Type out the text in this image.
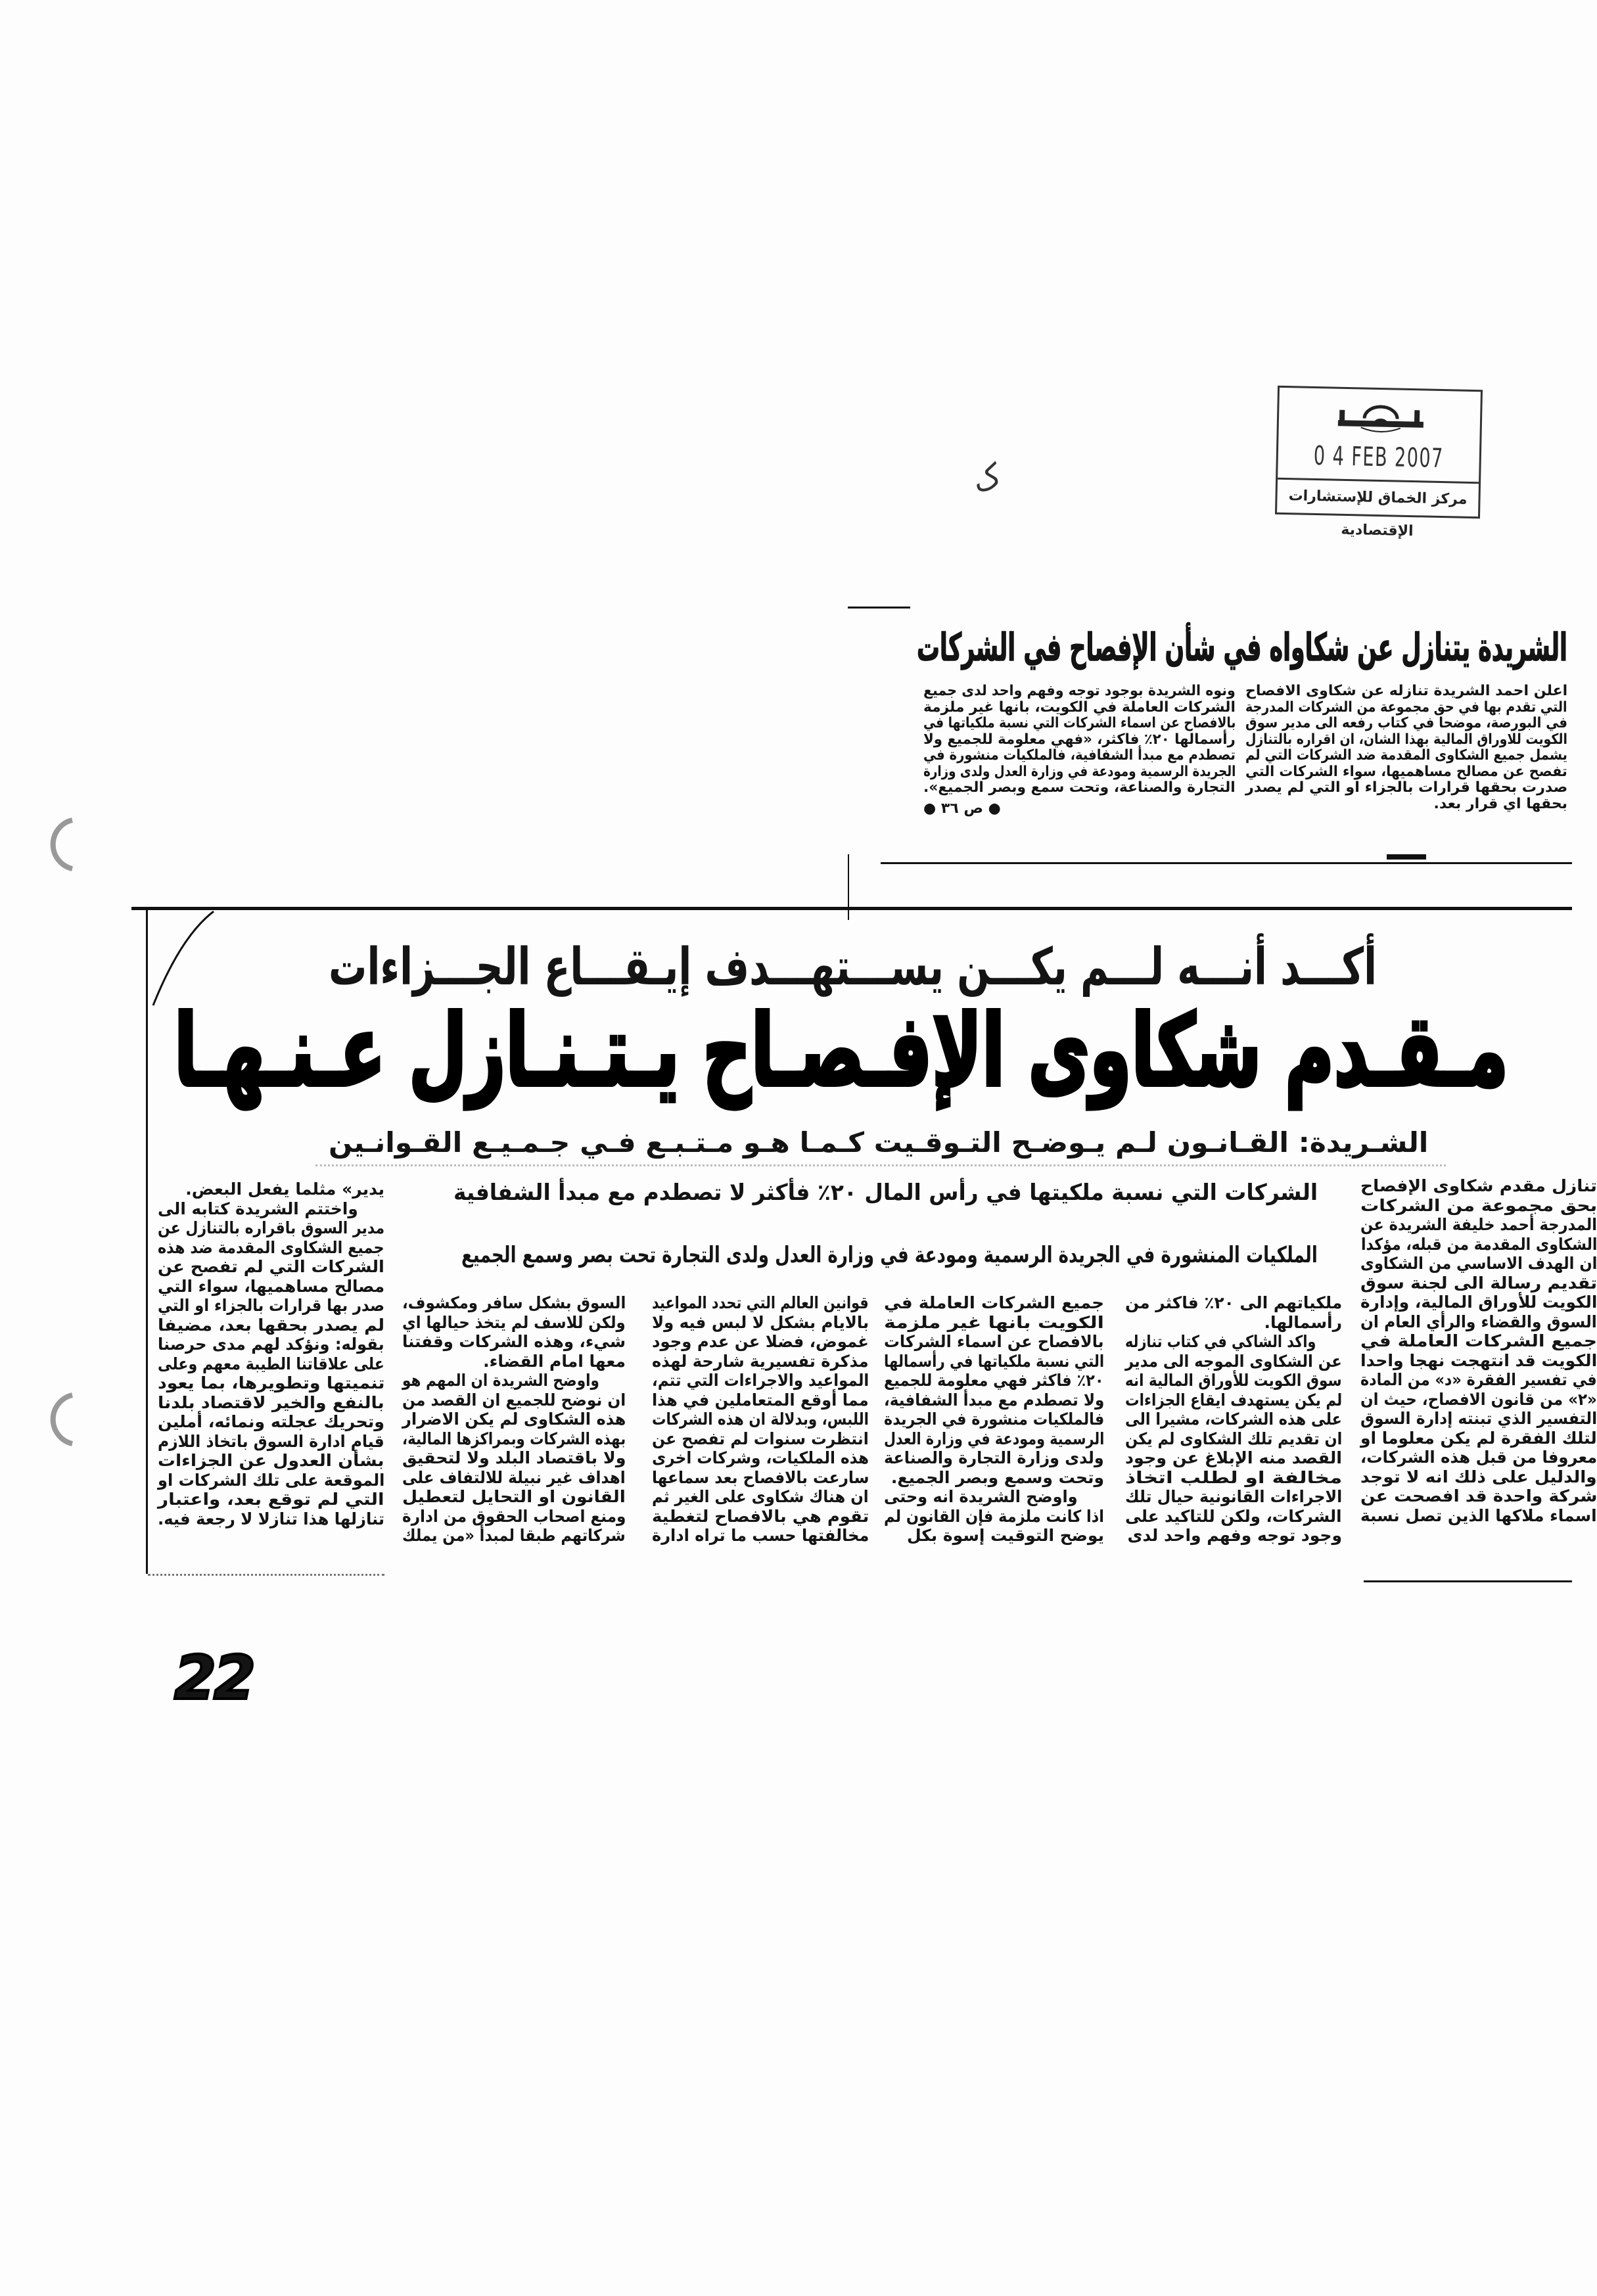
0 4 FEB 2007
مركز الخماق للإستشارات الإقتصادية
ک
الشريدة يتنازل عن شكاواه في شأن الإفصاح في الشركات
اعلن احمد الشريدة تنازله عن شكاوى الافصاح
التي تقدم بها في حق مجموعة من الشركات المدرجة
في البورصة، موضحا في كتاب رفعه الى مدير سوق
الكويت للاوراق المالية بهذا الشان، ان اقراره بالتنازل
يشمل جميع الشكاوى المقدمة ضد الشركات التي لم
تفصح عن مصالح مساهميها، سواء الشركات التي
صدرت بحقها قرارات بالجزاء او التي لم يصدر
بحقها اي قرار بعد.
ونوه الشريدة بوجود توجه وفهم واحد لدى جميع
الشركات العاملة في الكويت، بانها غير ملزمة
بالافصاح عن اسماء الشركات التي نسبة ملكياتها في
رأسمالها ٢٠٪ فاكثر، «فهي معلومة للجميع ولا
تصطدم مع مبدأ الشفافية، فالملكيات منشورة في
الجريدة الرسمية ومودعة في وزارة العدل ولدى وزارة
التجارة والصناعة، وتحت سمع وبصر الجميع».
● ص ٣٦ ●
أكـــد أنـــه لـــم يكـــن يســـتهـــدف إيـقـــاع الجـــزاءات
مـقـدم شكاوى الإفـصـاح يـتـنـازل عـنـهـا
الشـريدة: القـانـون لـم يـوضـح التـوقـيت كـمـا هـو مـتـبـع فـي جـمـيـع القـوانـين
الشركات التي نسبة ملكيتها في رأس المال ٢٠٪ فأكثر لا تصطدم مع مبدأ الشفافية
الملكيات المنشورة في الجريدة الرسمية ومودعة في وزارة العدل ولدى التجارة تحت بصر وسمع الجميع
تنازل مقدم شكاوى الإفصاح
بحق مجموعة من الشركات
المدرجة أحمد خليفة الشريدة عن
الشكاوى المقدمة من قبله، مؤكدا
ان الهدف الاساسي من الشكاوى
تقديم رسالة الى لجنة سوق
الكويت للأوراق المالية، وإدارة
السوق والقضاء والرأي العام ان
جميع الشركات العاملة في
الكويت قد انتهجت نهجا واحدا
في تفسير الفقرة «د» من المادة
«٢» من قانون الافصاح، حيث ان
التفسير الذي تبنته إدارة السوق
لتلك الفقرة لم يكن معلوما او
معروفا من قبل هذه الشركات،
والدليل على ذلك انه لا توجد
شركة واحدة قد افصحت عن
اسماء ملاكها الذين تصل نسبة
ملكياتهم الى ٢٠٪ فاكثر من
رأسمالها.
واكد الشاكي في كتاب تنازله
عن الشكاوى الموجه الى مدير
سوق الكويت للأوراق المالية انه
لم يكن يستهدف ايقاع الجزاءات
على هذه الشركات، مشيرا الى
ان تقديم تلك الشكاوى لم يكن
القصد منه الإبلاغ عن وجود
مخالفة او لطلب اتخاذ
الاجراءات القانونية حيال تلك
الشركات، ولكن للتاكيد على
وجود توجه وفهم واحد لدى
جميع الشركات العاملة في
الكويت بانها غير ملزمة
بالافصاح عن اسماء الشركات
التي نسبة ملكياتها في رأسمالها
٢٠٪ فاكثر فهي معلومة للجميع
ولا تصطدم مع مبدأ الشفافية،
فالملكيات منشورة في الجريدة
الرسمية ومودعة في وزارة العدل
ولدى وزارة التجارة والصناعة
وتحت وسمع وبصر الجميع.
واوضح الشريدة انه وحتى
اذا كانت ملزمة فإن القانون لم
يوضح التوقيت إسوة بكل
قوانين العالم التي تحدد المواعيد
بالايام بشكل لا لبس فيه ولا
غموض، فضلا عن عدم وجود
مذكرة تفسيرية شارحة لهذه
المواعيد والاجراءات التي تتم،
مما أوقع المتعاملين في هذا
اللبس، وبدلالة ان هذه الشركات
انتظرت سنوات لم تفصح عن
هذه الملكيات، وشركات اخرى
سارعت بالافصاح بعد سماعها
ان هناك شكاوى على الغير ثم
تقوم هي بالافصاح لتغطية
مخالفتها حسب ما تراه ادارة
السوق بشكل سافر ومكشوف،
ولكن للاسف لم يتخذ حيالها اي
شيء، وهذه الشركات وقفتنا
معها امام القضاء.
واوضح الشريدة ان المهم هو
ان نوضح للجميع ان القصد من
هذه الشكاوى لم يكن الاضرار
بهذه الشركات وبمراكزها المالية،
ولا باقتصاد البلد ولا لتحقيق
اهداف غير نبيلة للالتفاف على
القانون او التحايل لتعطيل
ومنع اصحاب الحقوق من ادارة
شركاتهم طبقا لمبدأ «من يملك
يدير» مثلما يفعل البعض.
واختتم الشريدة كتابه الى
مدير السوق باقراره بالتنازل عن
جميع الشكاوى المقدمة ضد هذه
الشركات التي لم تفصح عن
مصالح مساهميها، سواء التي
صدر بها قرارات بالجزاء او التي
لم يصدر بحقها بعد، مضيفا
بقوله: ونؤكد لهم مدى حرصنا
على علاقاتنا الطيبة معهم وعلى
تنميتها وتطويرها، بما يعود
بالنفع والخير لاقتصاد بلدنا
وتحريك عجلته ونمائه، أملين
قيام ادارة السوق باتخاذ اللازم
بشأن العدول عن الجزاءات
الموقعة على تلك الشركات او
التي لم توقع بعد، واعتبار
تنازلها هذا تنازلا لا رجعة فيه.
22
